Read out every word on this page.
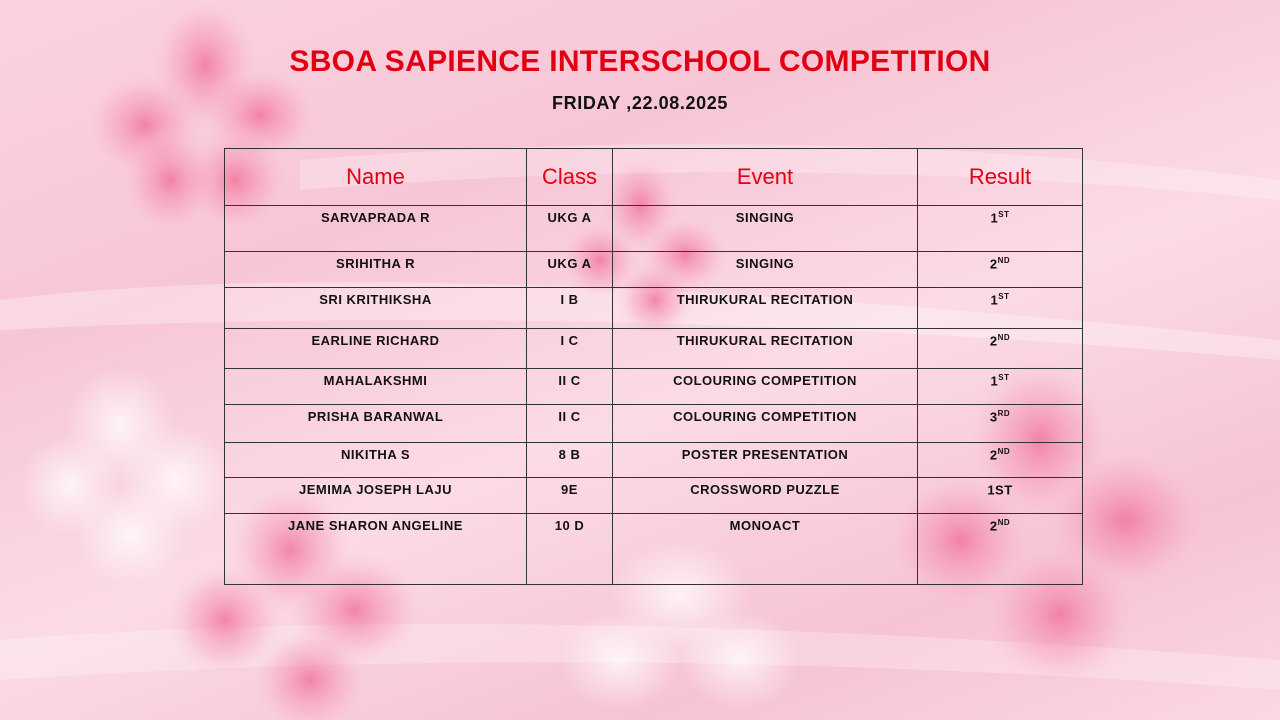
SBOA SAPIENCE INTERSCHOOL COMPETITION
FRIDAY ,22.08.2025
Name	Class	Event	Result
SARVAPRADA R	UKG A	SINGING	1ST
SRIHITHA R	UKG A	SINGING	2ND
SRI KRITHIKSHA	I B	THIRUKURAL RECITATION	1ST
EARLINE RICHARD	I C	THIRUKURAL RECITATION	2ND
MAHALAKSHMI	II C	COLOURING COMPETITION	1ST
PRISHA BARANWAL	II C	COLOURING COMPETITION	3RD
NIKITHA S	8 B	POSTER PRESENTATION	2ND
JEMIMA JOSEPH LAJU	9E	CROSSWORD PUZZLE	1ST
JANE SHARON ANGELINE	10 D	MONOACT	2ND
